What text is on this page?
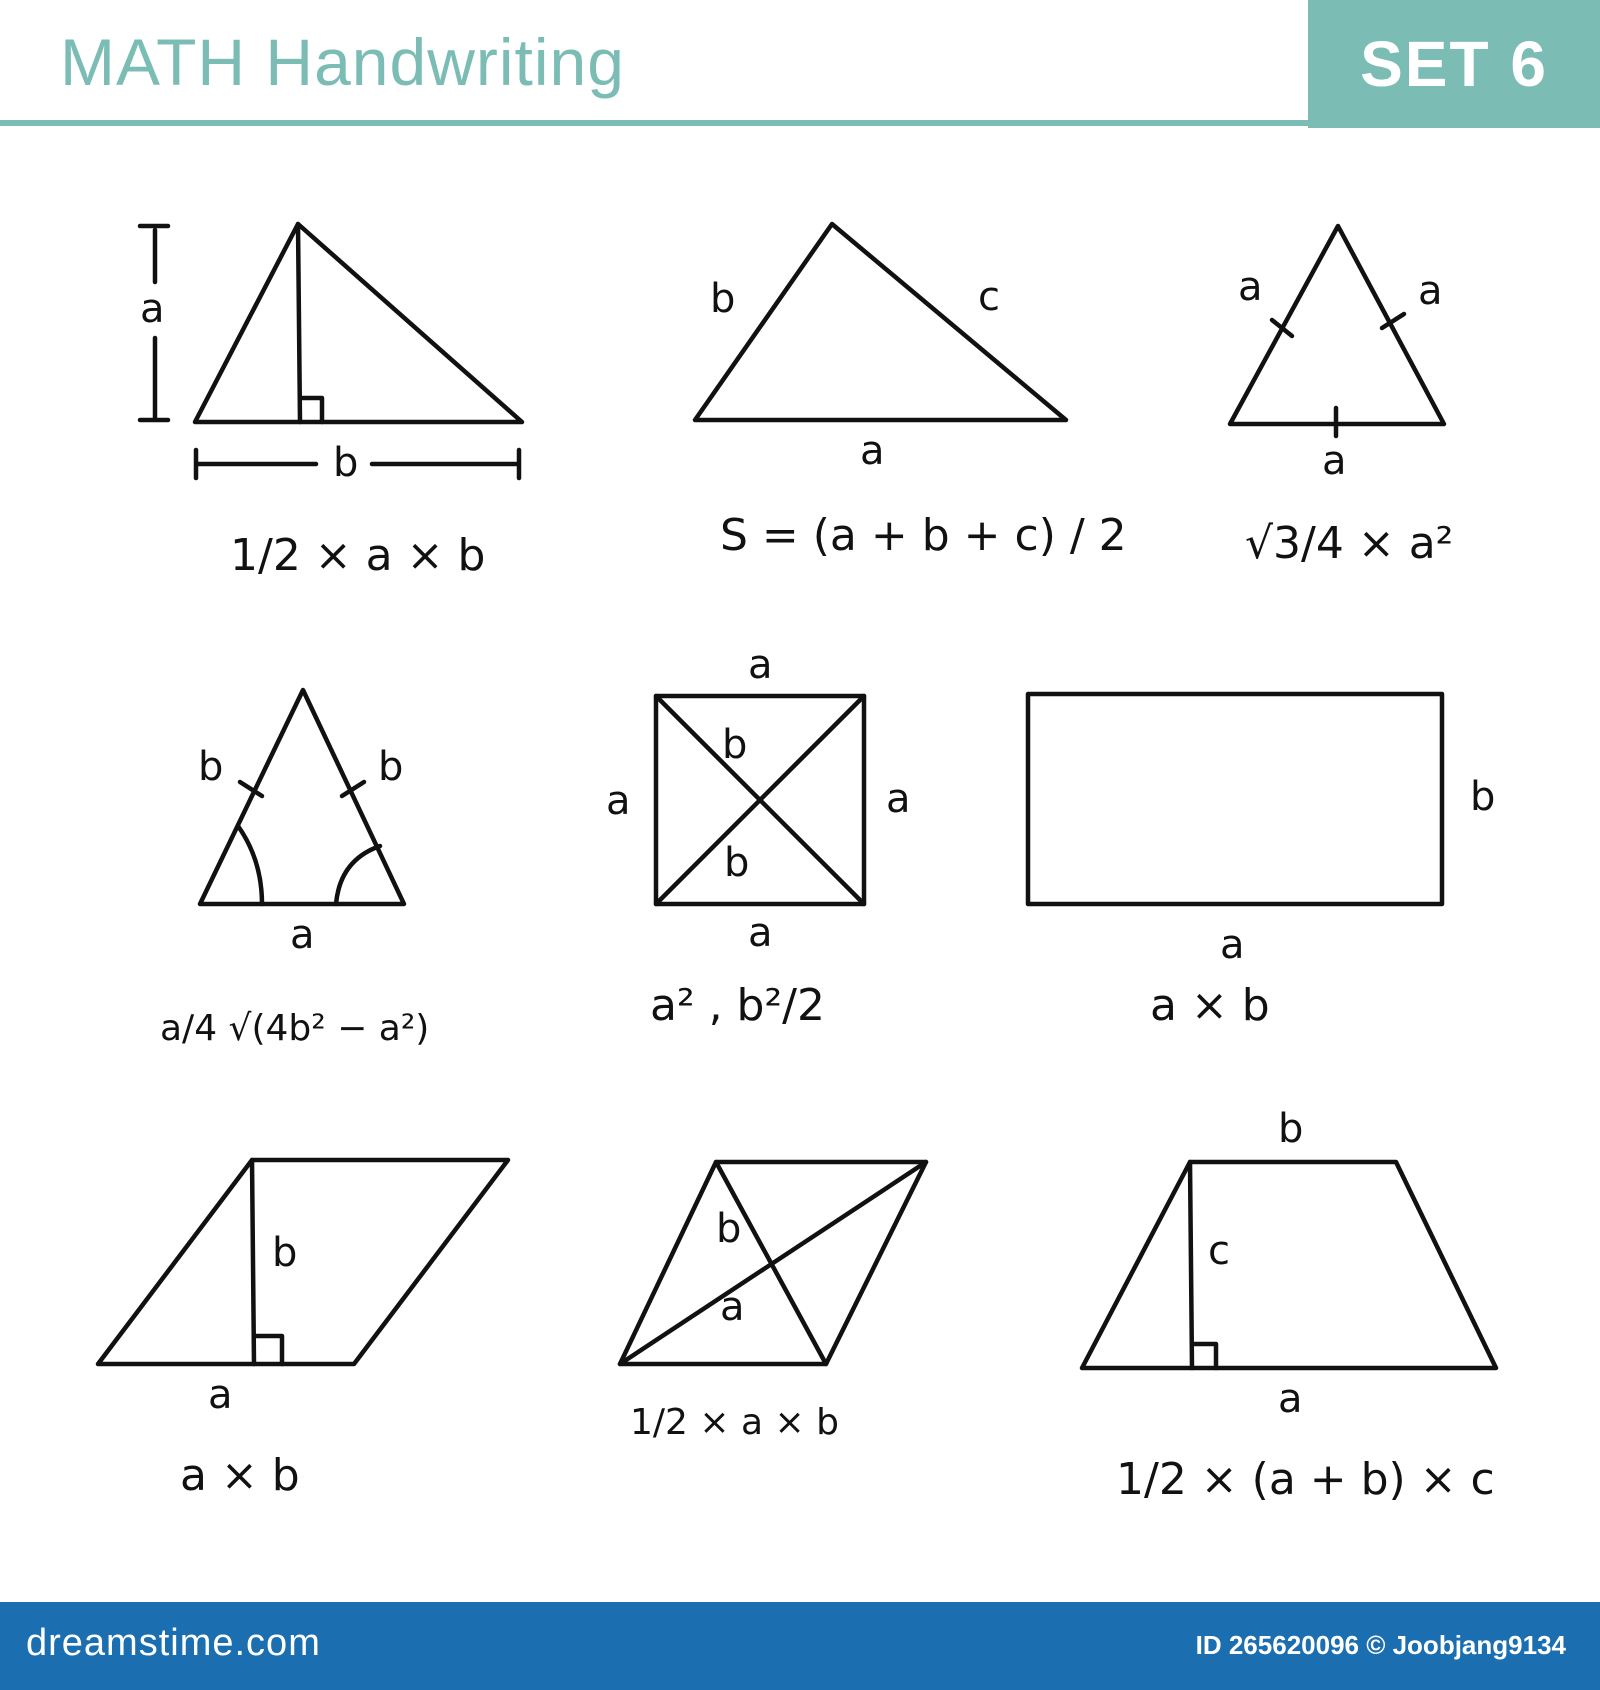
MATH Handwriting	SET 6
a
b
1/2 × a × b
b	c
a
S = (a + b + c) / 2
a	a
a
√3/4 × a²
b	b
a
a/4 √(4b² − a²)
a
a
a	a
b
b
a² , b²/2
b
a
a × b
b
a
a × b
b
a
1/2 × a × b
b
c
a
1/2 × (a + b) × c
dreamstime.com	ID 265620096 © Joobjang9134
